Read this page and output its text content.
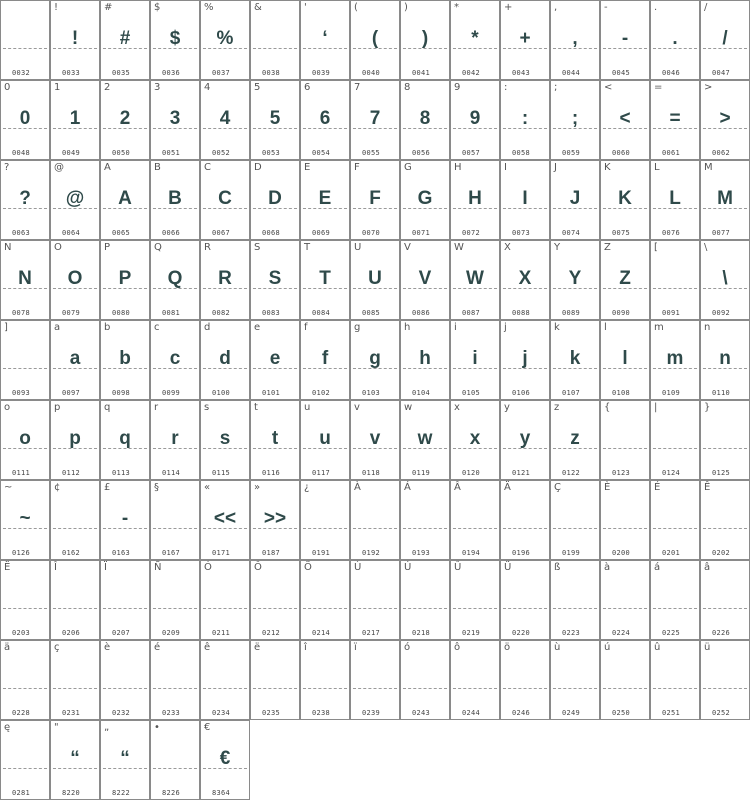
0032
!
!
0033
#
#
0035
$
$
0036
%
%
0037
&
0038
'
‘
0039
(
(
0040
)
)
0041
*
*
0042
+
+
0043
,
,
0044
-
-
0045
.
.
0046
/
/
0047
0
0
0048
1
1
0049
2
2
0050
3
3
0051
4
4
0052
5
5
0053
6
6
0054
7
7
0055
8
8
0056
9
9
0057
:
:
0058
;
;
0059
<
<
0060
=
=
0061
>
>
0062
?
?
0063
@
@
0064
A
A
0065
B
B
0066
C
C
0067
D
D
0068
E
E
0069
F
F
0070
G
G
0071
H
H
0072
I
I
0073
J
J
0074
K
K
0075
L
L
0076
M
M
0077
N
N
0078
O
O
0079
P
P
0080
Q
Q
0081
R
R
0082
S
S
0083
T
T
0084
U
U
0085
V
V
0086
W
W
0087
X
X
0088
Y
Y
0089
Z
Z
0090
[
0091
\
\
0092
]
0093
a
a
0097
b
b
0098
c
c
0099
d
d
0100
e
e
0101
f
f
0102
g
g
0103
h
h
0104
i
i
0105
j
j
0106
k
k
0107
l
l
0108
m
m
0109
n
n
0110
o
o
0111
p
p
0112
q
q
0113
r
r
0114
s
s
0115
t
t
0116
u
u
0117
v
v
0118
w
w
0119
x
x
0120
y
y
0121
z
z
0122
{
0123
|
0124
}
0125
~
~
0126
¢
0162
£
-
0163
§
0167
«
<<
0171
»
>>
0187
¿
0191
À
0192
Á
0193
Â
0194
Ä
0196
Ç
0199
È
0200
É
0201
Ê
0202
Ë
0203
Î
0206
Ï
0207
Ñ
0209
Ó
0211
Ô
0212
Ö
0214
Ù
0217
Ú
0218
Û
0219
Ü
0220
ß
0223
à
0224
á
0225
â
0226
ä
0228
ç
0231
è
0232
é
0233
ê
0234
ë
0235
î
0238
ï
0239
ó
0243
ô
0244
ö
0246
ù
0249
ú
0250
û
0251
ü
0252
ę
0281
"
“
8220
„
“
8222
•
8226
€
€
8364
